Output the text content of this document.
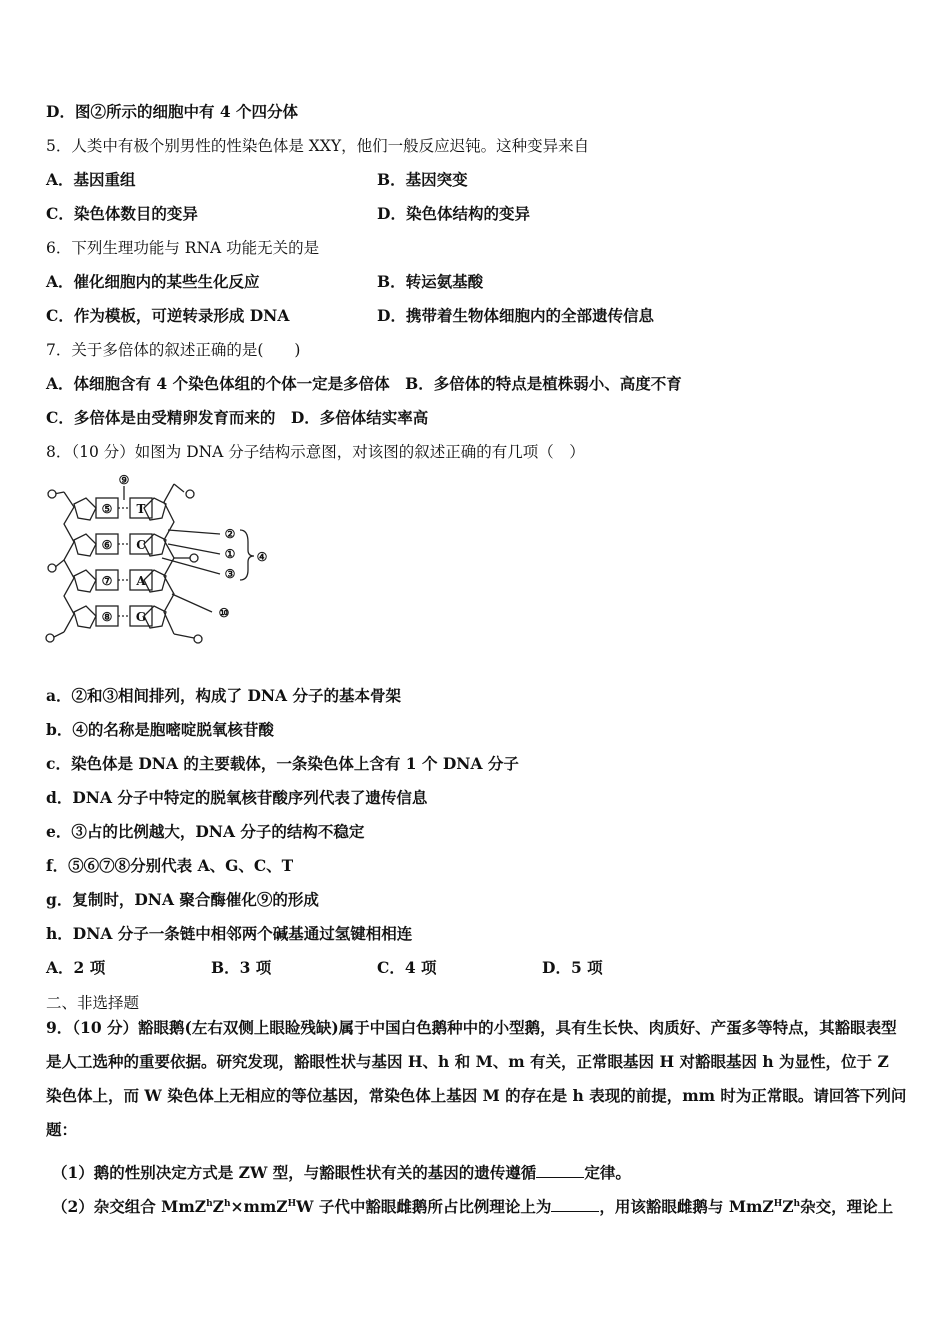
D．图②所示的细胞中有 4 个四分体
5．人类中有极个别男性的性染色体是 XXY，他们一般反应迟钝。这种变异来自
A．基因重组	B．基因突变
C．染色体数目的变异	D．染色体结构的变异
6．下列生理功能与 RNA 功能无关的是
A．催化细胞内的某些生化反应	B．转运氨基酸
C．作为模板，可逆转录形成 DNA	D．携带着生物体细胞内的全部遗传信息
7．关于多倍体的叙述正确的是(　　)
A．体细胞含有 4 个染色体组的个体一定是多倍体　B．多倍体的特点是植株弱小、高度不育
C．多倍体是由受精卵发育而来的　D．多倍体结实率高
8．（10 分）如图为 DNA 分子结构示意图，对该图的叙述正确的有几项（　）
⑤
⑥
⑦
⑧
T
C
A
G
⑨
②
①
③
④
⑩
a．②和③相间排列，构成了 DNA 分子的基本骨架
b．④的名称是胞嘧啶脱氧核苷酸
c．染色体是 DNA 的主要载体，一条染色体上含有 1 个 DNA 分子
d．DNA 分子中特定的脱氧核苷酸序列代表了遗传信息
e．③占的比例越大，DNA 分子的结构不稳定
f．⑤⑥⑦⑧分别代表 A、G、C、T
g．复制时，DNA 聚合酶催化⑨的形成
h．DNA 分子一条链中相邻两个碱基通过氢键相相连
A．2 项	B．3 项	C．4 项	D．5 项
二、非选择题
9．（10 分）豁眼鹅(左右双侧上眼睑残缺)属于中国白色鹅种中的小型鹅，具有生长快、肉质好、产蛋多等特点，其豁眼表型是人工选种的重要依据。研究发现，豁眼性状与基因 H、h 和 M、m 有关，正常眼基因 H 对豁眼基因 h 为显性，位于 Z 染色体上，而 W 染色体上无相应的等位基因，常染色体上基因 M 的存在是 h 表现的前提，mm 时为正常眼。请回答下列问题：
（1）鹅的性别决定方式是 ZW 型，与豁眼性状有关的基因的遗传遵循	定律。
（2）杂交组合 $MmZ^hZ^h\times mmZ^HW$ 子代中豁眼雌鹅所占比例理论上为	，用该豁眼雌鹅与 $MmZ^HZ^h$杂交，理论上
